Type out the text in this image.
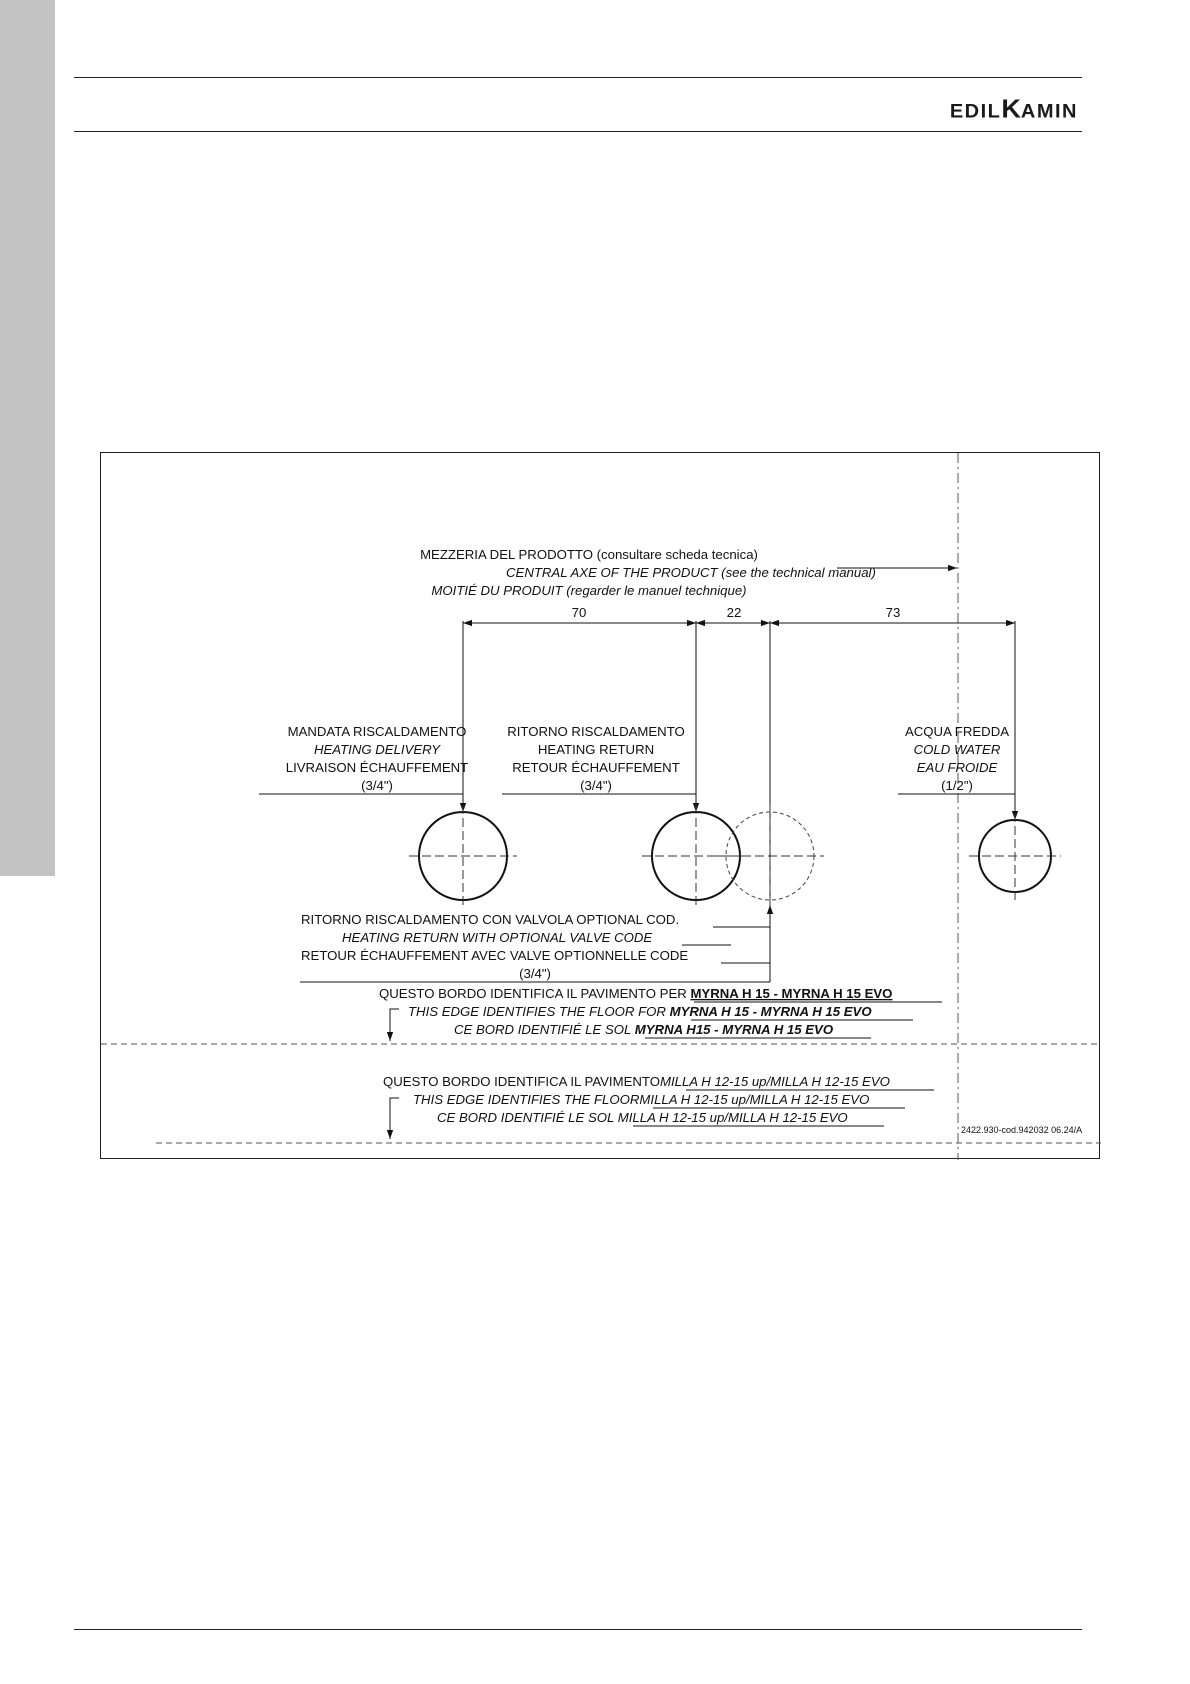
EDILKAMIN
MEZZERIA DEL PRODOTTO (consultare scheda tecnica)
CENTRAL AXE OF THE PRODUCT (see the technical manual)
MOITIÉ DU PRODUIT (regarder le manuel technique)
70	22	73
MANDATA RISCALDAMENTO
HEATING DELIVERY
LIVRAISON ÉCHAUFFEMENT
(3/4")
RITORNO RISCALDAMENTO
HEATING RETURN
RETOUR ÉCHAUFFEMENT
(3/4")
ACQUA FREDDA
COLD WATER
EAU FROIDE
(1/2")
RITORNO RISCALDAMENTO CON VALVOLA OPTIONAL COD.
HEATING RETURN WITH OPTIONAL VALVE CODE
RETOUR ÉCHAUFFEMENT AVEC VALVE OPTIONNELLE CODE
(3/4")
QUESTO BORDO IDENTIFICA IL PAVIMENTO PER MYRNA H 15 - MYRNA H 15 EVO
THIS EDGE IDENTIFIES THE FLOOR FOR MYRNA H 15 - MYRNA H 15 EVO
CE BORD IDENTIFIÉ LE SOL MYRNA H15 - MYRNA H 15 EVO
QUESTO BORDO IDENTIFICA IL PAVIMENTOMILLA H 12-15 up/MILLA H 12-15 EVO
THIS EDGE IDENTIFIES THE FLOORMILLA H 12-15 up/MILLA H 12-15 EVO
CE BORD IDENTIFIÉ LE SOL MILLA H 12-15 up/MILLA H 12-15 EVO
2422.930-cod.942032 06.24/A
